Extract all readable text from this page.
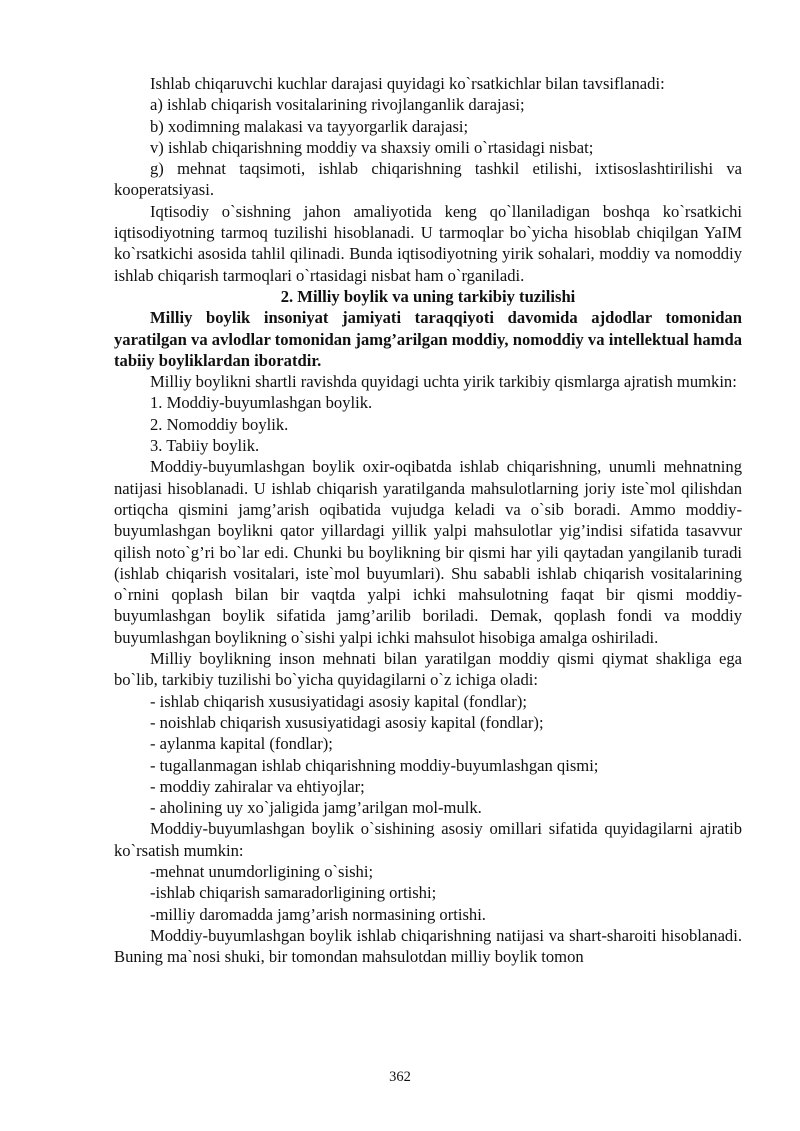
Ishlab chiqaruvchi kuchlar darajasi quyidagi ko`rsatkichlar bilan tavsiflanadi:

a) ishlab chiqarish vositalarining rivojlanganlik darajasi;

b) xodimning malakasi va tayyorgarlik darajasi;

v) ishlab chiqarishning moddiy va shaxsiy omili o`rtasidagi nisbat;

g) mehnat taqsimoti, ishlab chiqarishning tashkil etilishi, ixtisoslashtirilishi va kooperatsiyasi.

Iqtisodiy o`sishning jahon amaliyotida keng qo`llaniladigan boshqa ko`rsatkichi iqtisodiyotning tarmoq tuzilishi hisoblanadi. U tarmoqlar bo`yicha hisoblab chiqilgan YaIM ko`rsatkichi asosida tahlil qilinadi. Bunda iqtisodiyotning yirik sohalari, moddiy va nomoddiy ishlab chiqarish tarmoqlari o`rtasidagi nisbat ham o`rganiladi.

2. Milliy boylik va uning tarkibiy tuzilishi

Milliy boylik insoniyat jamiyati taraqqiyoti davomida ajdodlar tomonidan yaratilgan va avlodlar tomonidan jamg’arilgan moddiy, nomoddiy va intellektual hamda tabiiy boyliklardan iboratdir.

Milliy boylikni shartli ravishda quyidagi uchta yirik tarkibiy qismlarga ajratish mumkin:

1. Moddiy-buyumlashgan boylik.

2. Nomoddiy boylik.

3. Tabiiy boylik.

Moddiy-buyumlashgan boylik oxir-oqibatda ishlab chiqarishning, unumli mehnatning natijasi hisoblanadi. U ishlab chiqarish yaratilganda mahsulotlarning joriy iste`mol qilishdan ortiqcha qismini jamg’arish oqibatida vujudga keladi va o`sib boradi. Ammo moddiy-buyumlashgan boylikni qator yillardagi yillik yalpi mahsulotlar yig’indisi sifatida tasavvur qilish noto`g’ri bo`lar edi. Chunki bu boylikning bir qismi har yili qaytadan yangilanib turadi (ishlab chiqarish vositalari, iste`mol buyumlari). Shu sababli ishlab chiqarish vositalarining o`rnini qoplash bilan bir vaqtda yalpi ichki mahsulotning faqat bir qismi moddiy-buyumlashgan boylik sifatida jamg’arilib boriladi. Demak, qoplash fondi va moddiy buyumlashgan boylikning o`sishi yalpi ichki mahsulot hisobiga amalga oshiriladi.

Milliy boylikning inson mehnati bilan yaratilgan moddiy qismi qiymat shakliga ega bo`lib, tarkibiy tuzilishi bo`yicha quyidagilarni o`z ichiga oladi:

- ishlab chiqarish xususiyatidagi asosiy kapital (fondlar);

- noishlab chiqarish xususiyatidagi asosiy kapital (fondlar);

- aylanma kapital (fondlar);

- tugallanmagan ishlab chiqarishning moddiy-buyumlashgan qismi;

- moddiy zahiralar va ehtiyojlar;

- aholining uy xo`jaligida jamg’arilgan mol-mulk.

Moddiy-buyumlashgan boylik o`sishining asosiy omillari sifatida quyidagilarni ajratib ko`rsatish mumkin:

-mehnat unumdorligining o`sishi;

-ishlab chiqarish samaradorligining ortishi;

-milliy daromadda jamg’arish normasining ortishi.

Moddiy-buyumlashgan boylik ishlab chiqarishning natijasi va shart-sharoiti hisoblanadi. Buning ma`nosi shuki, bir tomondan mahsulotdan milliy boylik tomon

362
